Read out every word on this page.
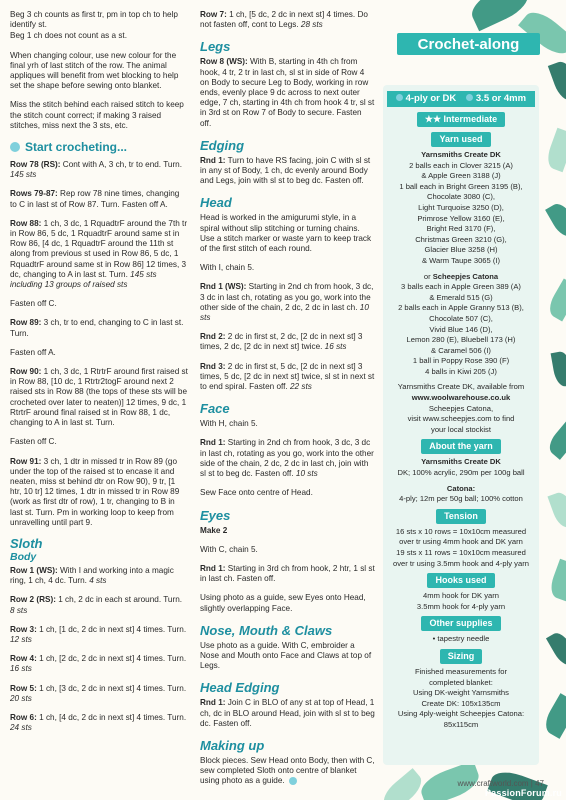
Beg 3 ch counts as first tr, pm in top ch to help identify st.

Beg 1 ch does not count as a st.

When changing colour, use new colour for the final yrh of last stitch of the row. The animal appliques will benefit from wet blocking to help set the shape before sewing onto blanket.

Miss the stitch behind each raised stitch to keep the stitch count correct; if making 3 raised stitches, miss next the 3 sts, etc.

Start crocheting...

Row 78 (RS): Cont with A, 3 ch, tr to end. Turn. 145 sts

Rows 79-87: Rep row 78 nine times, changing to C in last st of Row 87. Turn. Fasten off A.

Row 88: 1 ch, 3 dc, 1 RquadtrF around the 7th tr in Row 86, 5 dc, 1 RquadtrF around same st in Row 86, [4 dc, 1 RquadtrF around the 11th st along from previous st used in Row 86, 5 dc, 1 RquadtrF around same st in Row 86] 12 times, 3 dc, changing to A in last st. Turn. 145 sts including 13 groups of raised sts

Fasten off C.

Row 89: 3 ch, tr to end, changing to C in last st. Turn.

Fasten off A.

Row 90: 1 ch, 3 dc, 1 RtrtrF around first raised st in Row 88, [10 dc, 1 Rtrtr2togF around next 2 raised sts in Row 88 (the tops of these sts will be crocheted over later to neaten)] 12 times, 9 dc, 1 RtrtrF around final raised st in Row 88, 1 dc, changing to A in last st. Turn.

Fasten off C.

Row 91: 3 ch, 1 dtr in missed tr in Row 89 (go under the top of the raised st to encase it and neaten, miss st behind dtr on Row 90), 9 tr, [1 htr, 10 tr] 12 times, 1 dtr in missed tr in Row 89 (work as first dtr of row), 1 tr, changing to B in last st. Turn. Pm in working loop to keep from unravelling until part 9.

Sloth
Body

Row 1 (WS): With I and working into a magic ring, 1 ch, 4 dc. Turn. 4 sts

Row 2 (RS): 1 ch, 2 dc in each st around. Turn. 8 sts

Row 3: 1 ch, [1 dc, 2 dc in next st] 4 times. Turn. 12 sts

Row 4: 1 ch, [2 dc, 2 dc in next st] 4 times. Turn. 16 sts

Row 5: 1 ch, [3 dc, 2 dc in next st] 4 times. Turn. 20 sts

Row 6: 1 ch, [4 dc, 2 dc in next st] 4 times. Turn. 24 sts

Row 7: 1 ch, [5 dc, 2 dc in next st] 4 times. Do not fasten off, cont to Legs. 28 sts

Legs

Row 8 (WS): With B, starting in 4th ch from hook, 4 tr, 2 tr in last ch, sl st in side of Row 4 on Body to secure Leg to Body, working in row ends, evenly place 9 dc across to next outer edge, 7 ch, starting in 4th ch from hook 4 tr, sl st in 3rd st on Row 7 of Body to secure. Fasten off.

Edging

Rnd 1: Turn to have RS facing, join C with sl st in any st of Body, 1 ch, dc evenly around Body and Legs, join with sl st to beg dc. Fasten off.

Head

Head is worked in the amigurumi style, in a spiral without slip stitching or turning chains. Use a stitch marker or waste yarn to keep track of the first stitch of each round.

With I, chain 5.

Rnd 1 (WS): Starting in 2nd ch from hook, 3 dc, 3 dc in last ch, rotating as you go, work into the other side of the chain, 2 dc, 2 dc in last ch. 10 sts

Rnd 2: 2 dc in first st, 2 dc, [2 dc in next st] 3 times, 2 dc, [2 dc in next st] twice. 16 sts

Rnd 3: 2 dc in first st, 5 dc, [2 dc in next st] 3 times, 5 dc, [2 dc in next st] twice, sl st in next st to end spiral. Fasten off. 22 sts

Face

With H, chain 5.

Rnd 1: Starting in 2nd ch from hook, 3 dc, 3 dc in last ch, rotating as you go, work into the other side of the chain, 2 dc, 2 dc in last ch, join with sl st to beg dc. Fasten off. 10 sts

Sew Face onto centre of Head.

Eyes

Make 2

With C, chain 5.

Rnd 1: Starting in 3rd ch from hook, 2 htr, 1 sl st in last ch. Fasten off.

Using photo as a guide, sew Eyes onto Head, slightly overlapping Face.

Nose, Mouth & Claws

Use photo as a guide. With C, embroider a Nose and Mouth onto Face and Claws at top of Legs.

Head Edging

Rnd 1: Join C in BLO of any st at top of Head, 1 ch, dc in BLO around Head, join with sl st to beg dc. Fasten off.

Making up

Block pieces. Sew Head onto Body, then with C, sew completed Sloth onto centre of blanket using photo as a guide.

Crochet-along
4-ply or DK	3.5 or 4mm
★★ Intermediate
Yarn used

Yarnsmiths Create DK

2 balls each in Clover 3215 (A)

& Apple Green 3188 (J)

1 ball each in Bright Green 3195 (B),

Chocolate 3080 (C),

Light Turquoise 3250 (D),

Primrose Yellow 3160 (E),

Bright Red 3170 (F),

Christmas Green 3210 (G),

Glacier Blue 3258 (H)

& Warm Taupe 3065 (I)

or Scheepjes Catona

3 balls each in Apple Green 389 (A)

& Emerald 515 (G)

2 balls each in Apple Granny 513 (B),

Chocolate 507 (C),

Vivid Blue 146 (D),

Lemon 280 (E), Bluebell 173 (H)

& Caramel 506 (I)

1 ball in Poppy Rose 390 (F)

4 balls in Kiwi 205 (J)

Yarnsmiths Create DK, available from

www.woolwarehouse.co.uk

Scheepjes Catona,

visit www.scheepjes.com to find

your local stockist

About the yarn

Yarnsmiths Create DK

DK; 100% acrylic, 290m per 100g ball

Catona:

4-ply; 12m per 50g ball; 100% cotton

Tension

16 sts x 10 rows = 10x10cm measured

over tr using 4mm hook and DK yarn

19 sts x 11 rows = 10x10cm measured

over tr using 3.5mm hook and 4-ply yarn

Hooks used

4mm hook for DK yarn

3.5mm hook for 4-ply yarn

Other supplies

• tapestry needle

Sizing

Finished measurements for

completed blanket:

Using DK-weight Yarnsmiths

Create DK: 105x135cm

Using 4ply-weight Scheepjes Catona:

85x115cm

www.craftworld.com | 47
PassionForum.ru
